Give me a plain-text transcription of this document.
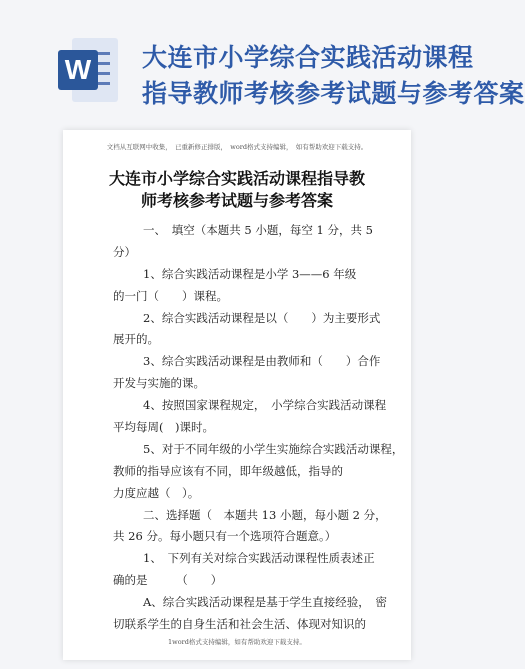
W 大连市小学综合实践活动课程
指导教师考核参考试题与参考答案
文档从互联网中收集，　已重新修正排版，　word格式支持编辑，　如有帮助欢迎下载支持。
大连市小学综合实践活动课程指导教
师考核参考试题与参考答案
一、　填空（本题共 5 小题，每空 1 分，共 5
分）
1、综合实践活动课程是小学 3——6 年级
的一门（　　）课程。
2、综合实践活动课程是以（　　）为主要形式
展开的。
3、综合实践活动课程是由教师和（　　）合作
开发与实施的课。
4、按照国家课程规定，　小学综合实践活动课程
平均每周(　)课时。
5、对于不同年级的小学生实施综合实践活动课程，
教师的指导应该有不同，即年级越低，指导的
力度应越（　）。
二、选择题（　本题共 13 小题，每小题 2 分，
共 26 分。每小题只有一个选项符合题意。）
1、　下列有关对综合实践活动课程性质表述正
确的是　　　（　　）
A、综合实践活动课程是基于学生直接经验，　密
切联系学生的自身生活和社会生活、体现对知识的
1word格式支持编辑，如有帮助欢迎下载支持。
